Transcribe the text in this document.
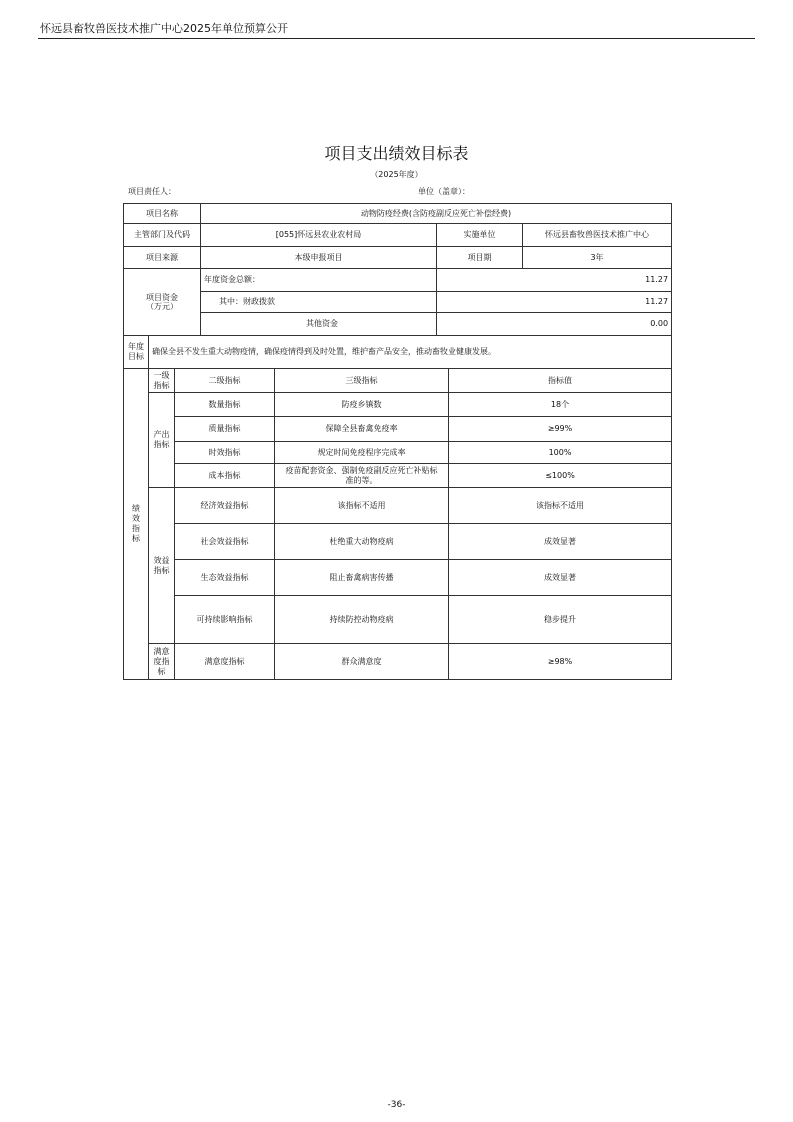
怀远县畜牧兽医技术推广中心2025年单位预算公开
项目支出绩效目标表
（2025年度）
项目责任人：	单位（盖章）：
项目名称			动物防疫经费(含防疫副反应死亡补偿经费)				
主管部门及代码			[055]怀远县农业农村局		实施单位		怀远县畜牧兽医技术推广中心
项目来源			本级申报项目		项目期		3年
项目资金（万元）			年度资金总额：		11.27		
			其中：财政拨款		11.27		
			其他资金		0.00		
年度目标	确保全县不发生重大动物疫情，确保疫情得到及时处置，维护畜产品安全，推动畜牧业健康发展。						
绩效指标	一级指标	二级指标		三级指标		指标值	
	产出指标	数量指标		防疫乡镇数		18个	
		质量指标		保障全县畜禽免疫率		≥99%	
		时效指标		规定时间免疫程序完成率		100%	
		成本指标		疫苗配套资金、强制免疫副反应死亡补贴标准的等。		≤100%	
	效益指标	经济效益指标		该指标不适用		该指标不适用	
		社会效益指标		杜绝重大动物疫病		成效显著	
		生态效益指标		阻止畜禽病害传播		成效显著	
		可持续影响指标		持续防控动物疫病		稳步提升	
	满意度指标	满意度指标		群众满意度		≥98%	
-36-
